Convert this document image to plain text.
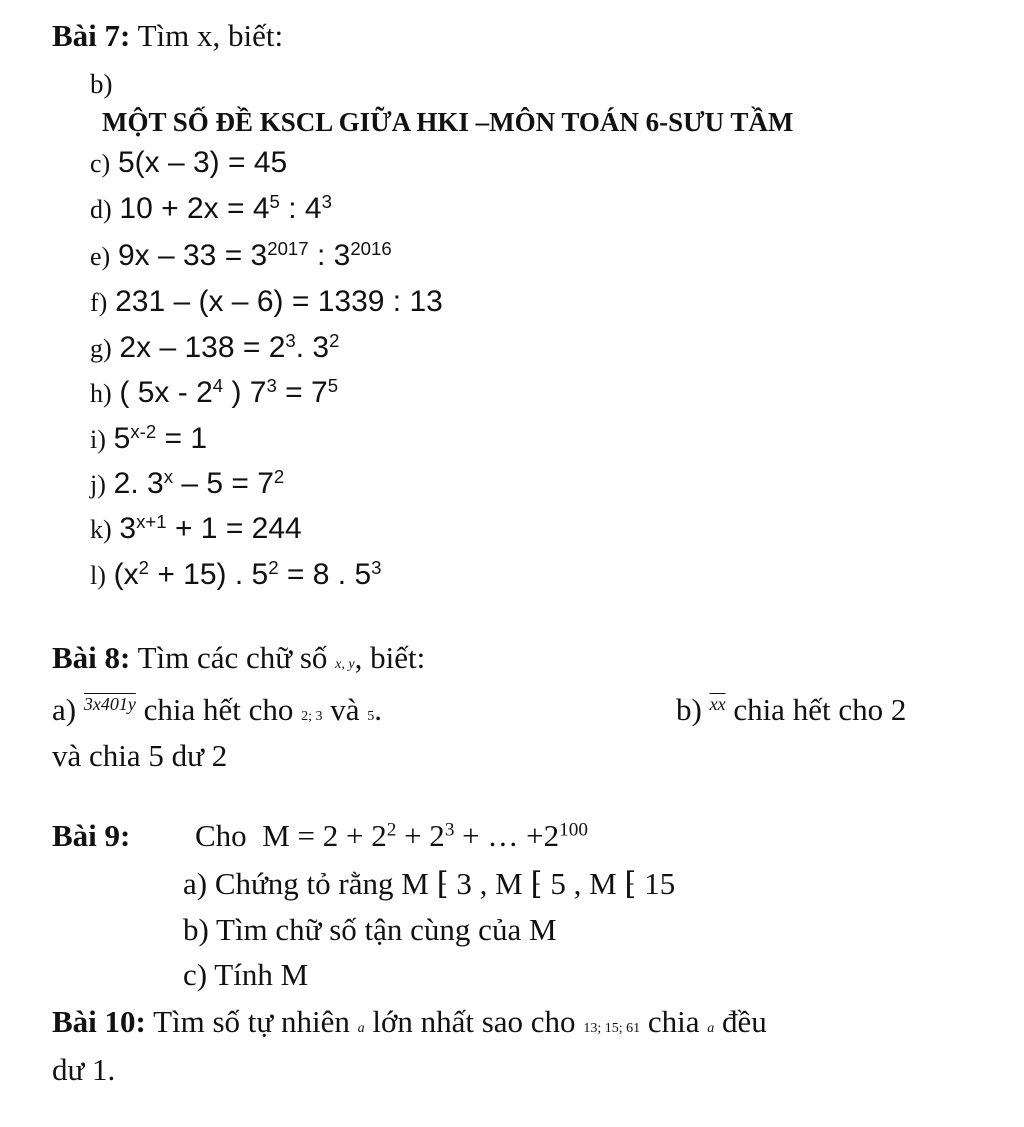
Bài 7: Tìm x, biết:
b)
MỘT SỐ ĐỀ KSCL GIỮA HKI –MÔN TOÁN 6-SƯU TẦM
c) 5(x – 3) = 45
d) $10 + 2x = 4^5$ : $4^3$
e) $9x - 33 = 3^{2017}$ : $3^{2016}$
f) 231 – (x – 6) = 1339 : 13
g) $2x - 138 = 2^3$. $3^2$
h) ( $5x - 2^4$ ) $7^3 = 7^5$
i) $5^{x-2} = 1$
j) 2. $3^x - 5 = 7^2$
k) $3^{x+1} + 1 = 244$
l) $(x^2 + 15)$ . $5^2 = 8$ . $5^3$
Bài 8: Tìm các chữ số x, y, biết:
a) $^{3x401y}$ chia hết cho 2; 3 và 5.	b) $^{\overline{xx}}$ chia hết cho 2
và chia 5 dư 2
Bài 9: Cho $M = 2 + 2^2 + 2^3$ + … $+2^{100}$
a) Chứng tỏ rằng M ⁅ 3 , M ⁅ 5 , M ⁅ 15
b) Tìm chữ số tận cùng của M
c) Tính M
Bài 10: Tìm số tự nhiên a lớn nhất sao cho 13; 15; 61 chia a đều
dư 1.
